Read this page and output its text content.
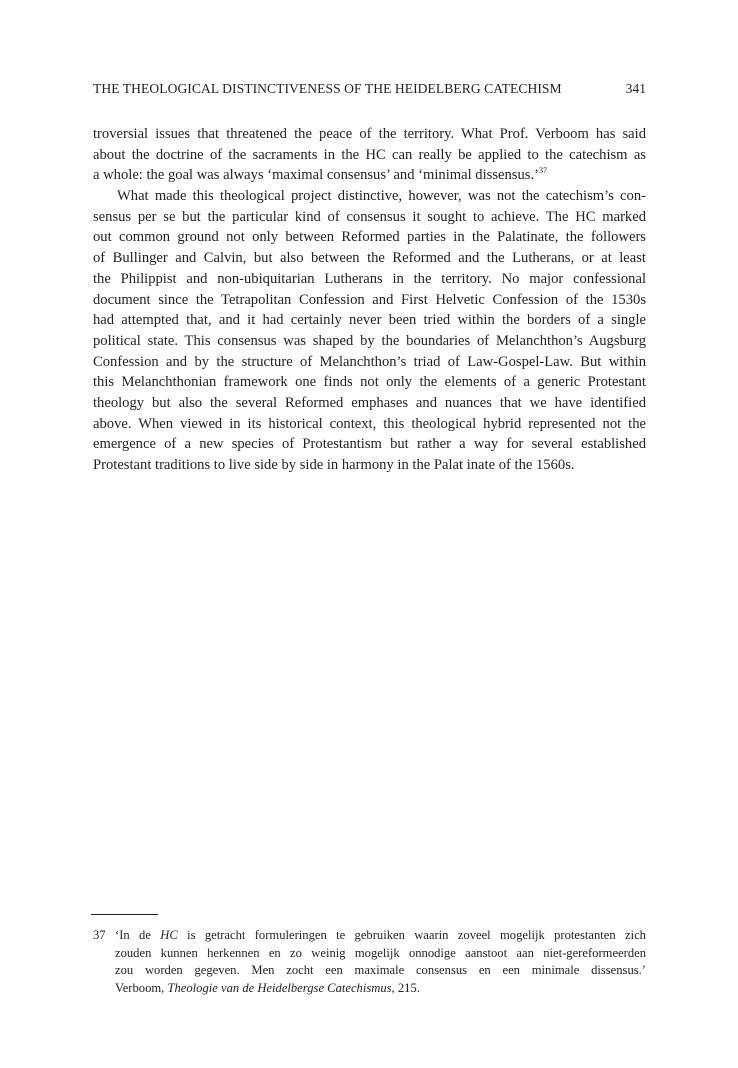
THE THEOLOGICAL DISTINCTIVENESS OF THE HEIDELBERG CATECHISM	341
troversial issues that threatened the peace of the territory. What Prof. Verboom has said
about the doctrine of the sacraments in the HC can really be applied to the catechism as
a whole: the goal was always ‘maximal consensus’ and ‘minimal dissensus.’$^{37}$
What made this theological project distinctive, however, was not the catechism’s con-
sensus per se but the particular kind of consensus it sought to achieve. The HC marked
out common ground not only between Reformed parties in the Palatinate, the followers
of Bullinger and Calvin, but also between the Reformed and the Lutherans, or at least
the Philippist and non-ubiquitarian Lutherans in the territory. No major confessional
document since the Tetrapolitan Confession and First Helvetic Confession of the 1530s
had attempted that, and it had certainly never been tried within the borders of a single
political state. This consensus was shaped by the boundaries of Melanchthon’s Augsburg
Confession and by the structure of Melanchthon’s triad of Law-Gospel-Law. But within
this Melanchthonian framework one finds not only the elements of a generic Protestant
theology but also the several Reformed emphases and nuances that we have identified
above. When viewed in its historical context, this theological hybrid represented not the
emergence of a new species of Protestantism but rather a way for several established
Protestant traditions to live side by side in harmony in the Palat inate of the 1560s.
37 ‘In de HC is getracht formuleringen te gebruiken waarin zoveel mogelijk protestanten zich
zouden kunnen herkennen en zo weinig mogelijk onnodige aanstoot aan niet-gereformeerden
zou worden gegeven. Men zocht een maximale consensus en een minimale dissensus.’
Verboom, Theologie van de Heidelbergse Catechismus, 215.
